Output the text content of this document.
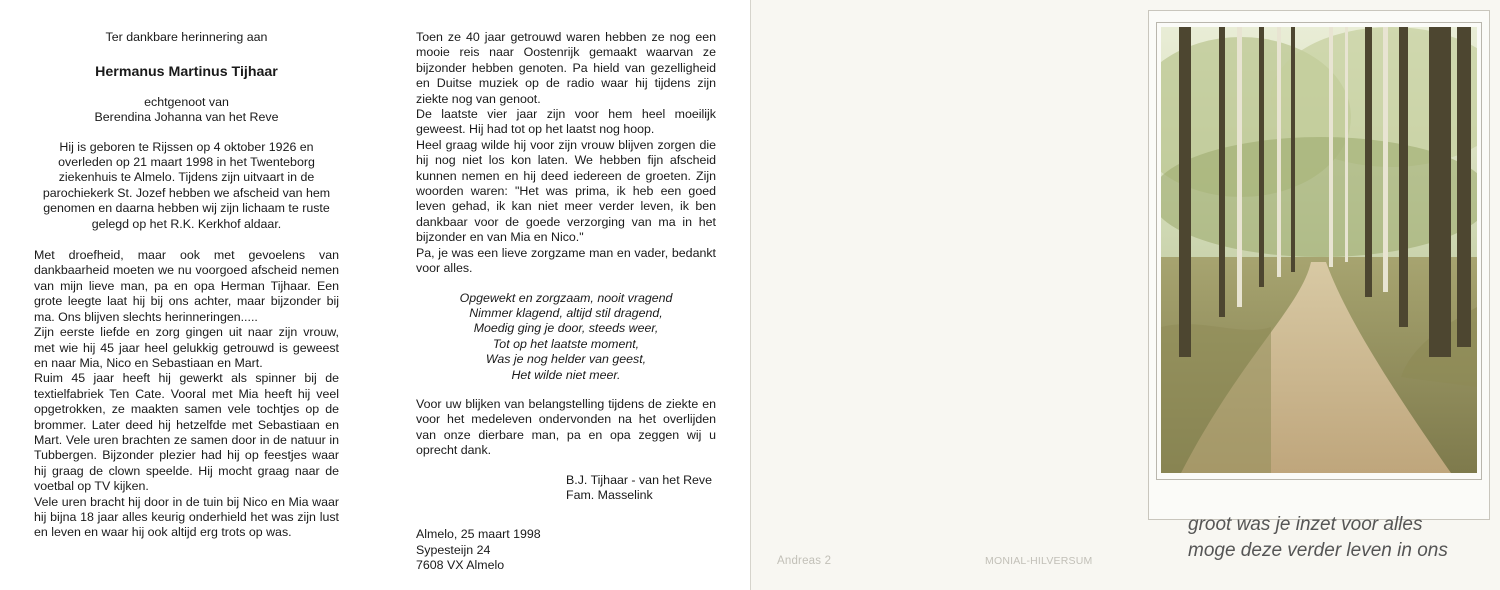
Ter dankbare herinnering aan

Hermanus Martinus Tijhaar

echtgenoot van

Berendina Johanna van het Reve

Hij is geboren te Rijssen op 4 oktober 1926 en
overleden op 21 maart 1998 in het Twenteborg
ziekenhuis te Almelo. Tijdens zijn uitvaart in de
parochiekerk St. Jozef hebben we afscheid van hem
genomen en daarna hebben wij zijn lichaam te ruste
gelegd op het R.K. Kerkhof aldaar.

Met droefheid, maar ook met gevoelens van dankbaarheid moeten we nu voorgoed afscheid nemen van mijn lieve man, pa en opa Herman Tijhaar. Een grote leegte laat hij bij ons achter, maar bijzonder bij ma. Ons blijven slechts herinneringen.....

Zijn eerste liefde en zorg gingen uit naar zijn vrouw, met wie hij 45 jaar heel gelukkig getrouwd is geweest en naar Mia, Nico en Sebastiaan en Mart.

Ruim 45 jaar heeft hij gewerkt als spinner bij de textielfabriek Ten Cate. Vooral met Mia heeft hij veel opgetrokken, ze maakten samen vele tochtjes op de brommer. Later deed hij hetzelfde met Sebastiaan en Mart. Vele uren brachten ze samen door in de natuur in Tubbergen. Bijzonder plezier had hij op feestjes waar hij graag de clown speelde. Hij mocht graag naar de voetbal op TV kijken.

Vele uren bracht hij door in de tuin bij Nico en Mia waar hij bijna 18 jaar alles keurig onderhield het was zijn lust en leven en waar hij ook altijd erg trots op was.

Toen ze 40 jaar getrouwd waren hebben ze nog een mooie reis naar Oostenrijk gemaakt waarvan ze bijzonder hebben genoten. Pa hield van gezelligheid en Duitse muziek op de radio waar hij tijdens zijn ziekte nog van genoot.

De laatste vier jaar zijn voor hem heel moeilijk geweest. Hij had tot op het laatst nog hoop.

Heel graag wilde hij voor zijn vrouw blijven zorgen die hij nog niet los kon laten. We hebben fijn afscheid kunnen nemen en hij deed iedereen de groeten. Zijn woorden waren: "Het was prima, ik heb een goed leven gehad, ik kan niet meer verder leven, ik ben dankbaar voor de goede verzorging van ma in het bijzonder en van Mia en Nico."

Pa, je was een lieve zorgzame man en vader, bedankt voor alles.

Opgewekt en zorgzaam, nooit vragend
Nimmer klagend, altijd stil dragend,
Moedig ging je door, steeds weer,
Tot op het laatste moment,
Was je nog helder van geest,
Het wilde niet meer.

Voor uw blijken van belangstelling tijdens de ziekte en voor het medeleven ondervonden na het overlijden van onze dierbare man, pa en opa zeggen wij u oprecht dank.

B.J. Tijhaar - van het Reve
Fam. Masselink
Almelo, 25 maart 1998
Sypesteijn 24
7608 VX Almelo	Andreas 2	MONIAL-HILVERSUM
groot was je inzet voor alles
moge deze verder leven in ons
